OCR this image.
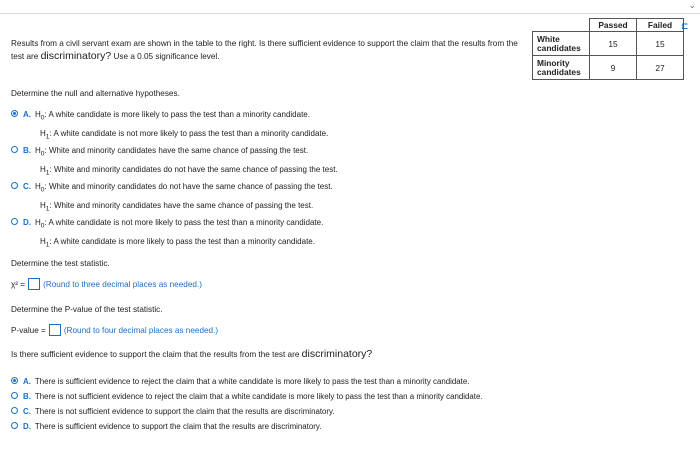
⌄
Results from a civil servant exam are shown in the table to the right. Is there sufficient evidence to support the claim that the results from the test are discriminatory? Use a 0.05 significance level.
	Passed	Failed
White candidates	15	15
Minority candidates	9	27
⊏
Determine the null and alternative hypotheses.
A. $H_0$: A white candidate is more likely to pass the test than a minority candidate.
$H_1$: A white candidate is not more likely to pass the test than a minority candidate.
B. $H_0$: White and minority candidates have the same chance of passing the test.
$H_1$: White and minority candidates do not have the same chance of passing the test.
C. $H_0$: White and minority candidates do not have the same chance of passing the test.
$H_1$: White and minority candidates have the same chance of passing the test.
D. $H_0$: A white candidate is not more likely to pass the test than a minority candidate.
$H_1$: A white candidate is more likely to pass the test than a minority candidate.
Determine the test statistic.
χ² = (Round to three decimal places as needed.)
Determine the P-value of the test statistic.
P-value = (Round to four decimal places as needed.)
Is there sufficient evidence to support the claim that the results from the test are discriminatory?
A. There is sufficient evidence to reject the claim that a white candidate is more likely to pass the test than a minority candidate.
B. There is not sufficient evidence to reject the claim that a white candidate is more likely to pass the test than a minority candidate.
C. There is not sufficient evidence to support the claim that the results are discriminatory.
D. There is sufficient evidence to support the claim that the results are discriminatory.
